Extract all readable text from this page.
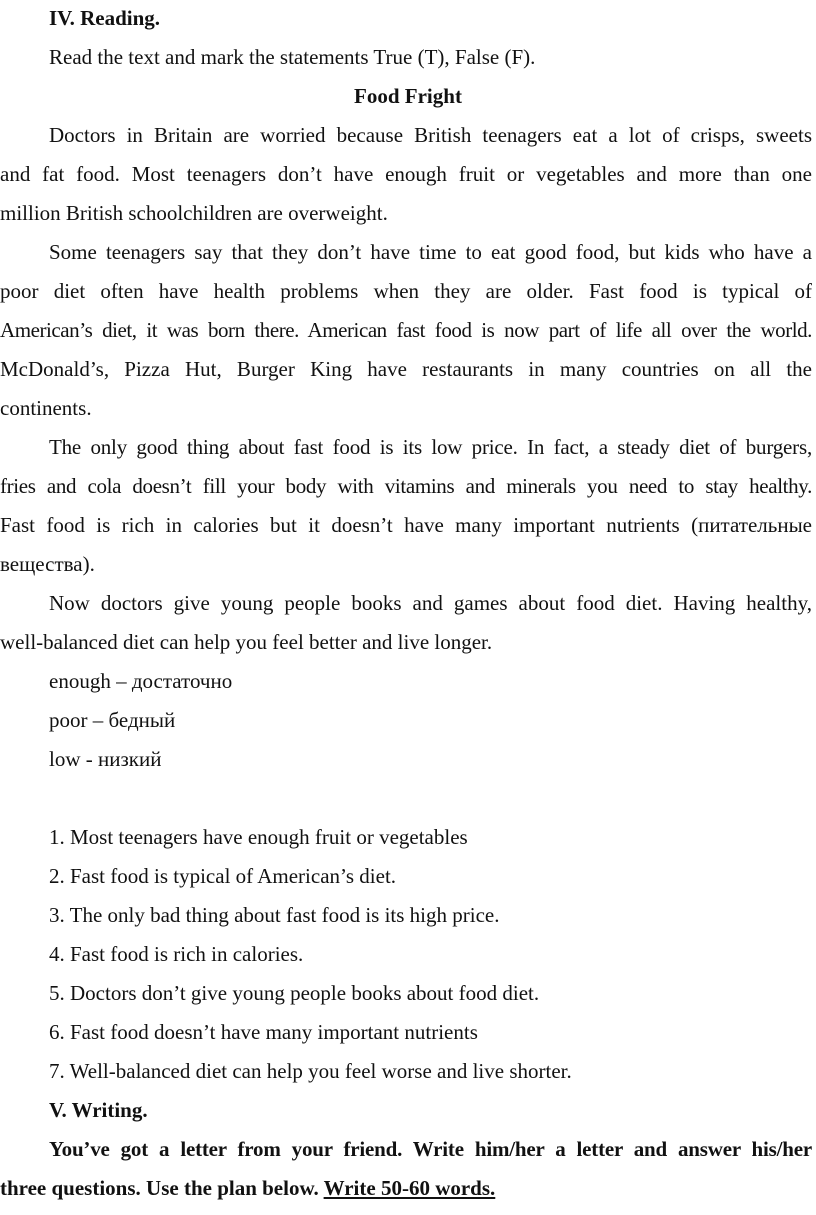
IV. Reading.
Read the text and mark the statements True (T), False (F).
Food Fright
Doctors in Britain are worried because British teenagers eat a lot of crisps, sweets
and fat food. Most teenagers don’t have enough fruit or vegetables and more than one
million British schoolchildren are overweight.
Some teenagers say that they don’t have time to eat good food, but kids who have a
poor diet often have health problems when they are older. Fast food is typical of
American’s diet, it was born there. American fast food is now part of life all over the world.
McDonald’s, Pizza Hut, Burger King have restaurants in many countries on all the
continents.
The only good thing about fast food is its low price. In fact, a steady diet of burgers,
fries and cola doesn’t fill your body with vitamins and minerals you need to stay healthy.
Fast food is rich in calories but it doesn’t have many important nutrients (питательные
вещества).
Now doctors give young people books and games about food diet. Having healthy,
well-balanced diet can help you feel better and live longer.
enough – достаточно
poor – бедный
low - низкий
1. Most teenagers have enough fruit or vegetables
2. Fast food is typical of American’s diet.
3. The only bad thing about fast food is its high price.
4. Fast food is rich in calories.
5. Doctors don’t give young people books about food diet.
6. Fast food doesn’t have many important nutrients
7. Well-balanced diet can help you feel worse and live shorter.
V. Writing.
You’ve got a letter from your friend. Write him/her a letter and answer his/her
three questions. Use the plan below. Write 50-60 words.
